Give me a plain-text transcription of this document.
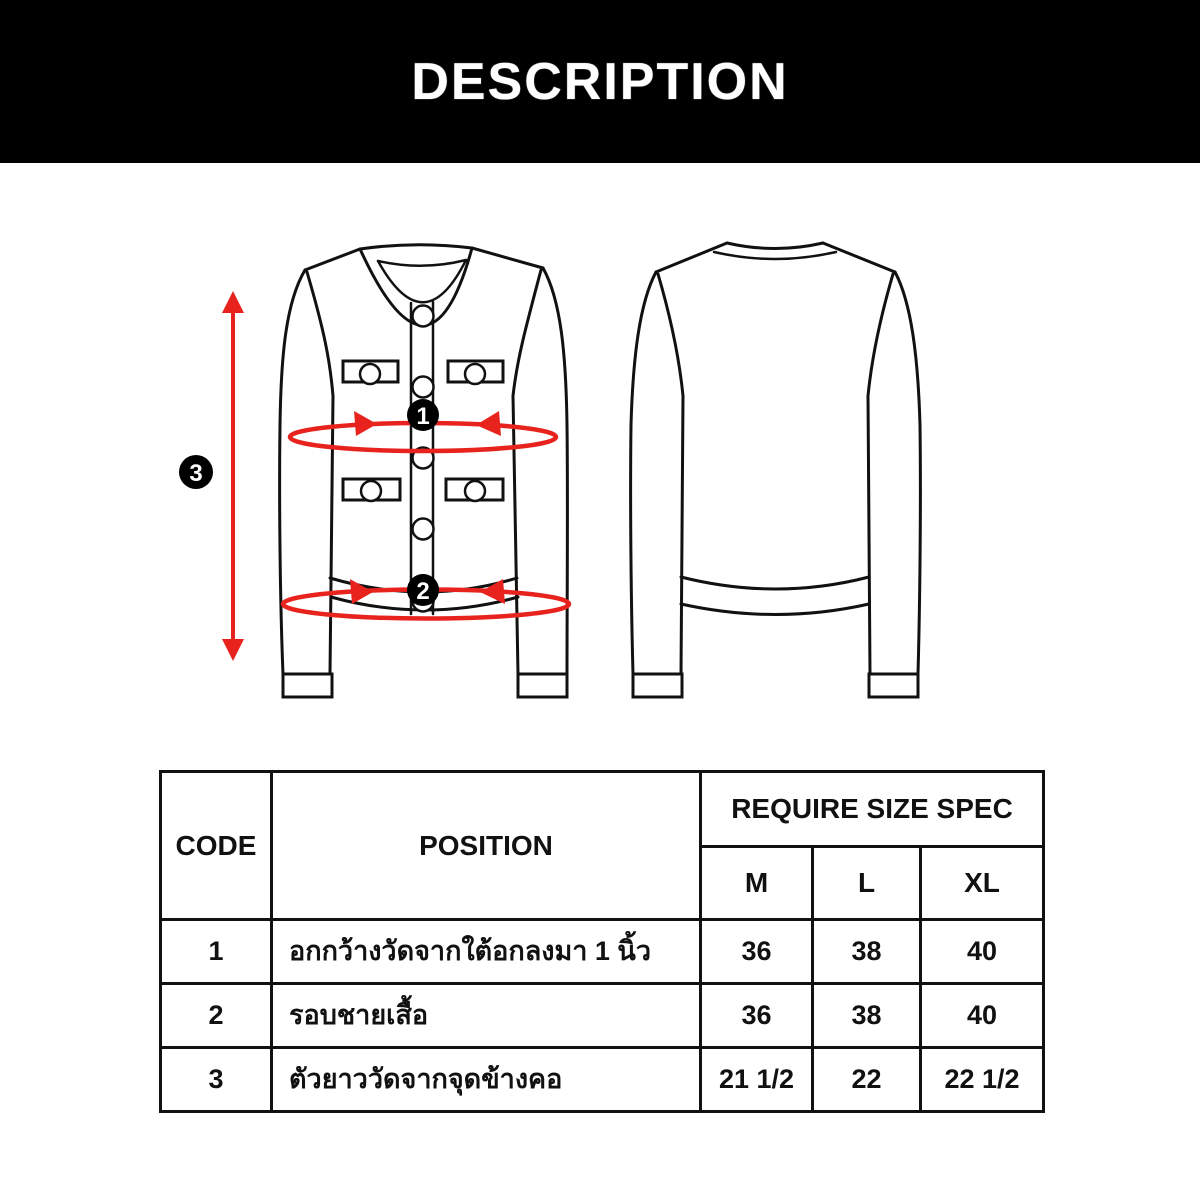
DESCRIPTION
1
2
3
CODE	POSITION	REQUIRE SIZE SPEC		
		M	L	XL
1	อกกว้างวัดจากใต้อกลงมา 1 นิ้ว	36	38	40
2	รอบชายเสื้อ	36	38	40
3	ตัวยาววัดจากจุดข้างคอ	21 1/2	22	22 1/2
